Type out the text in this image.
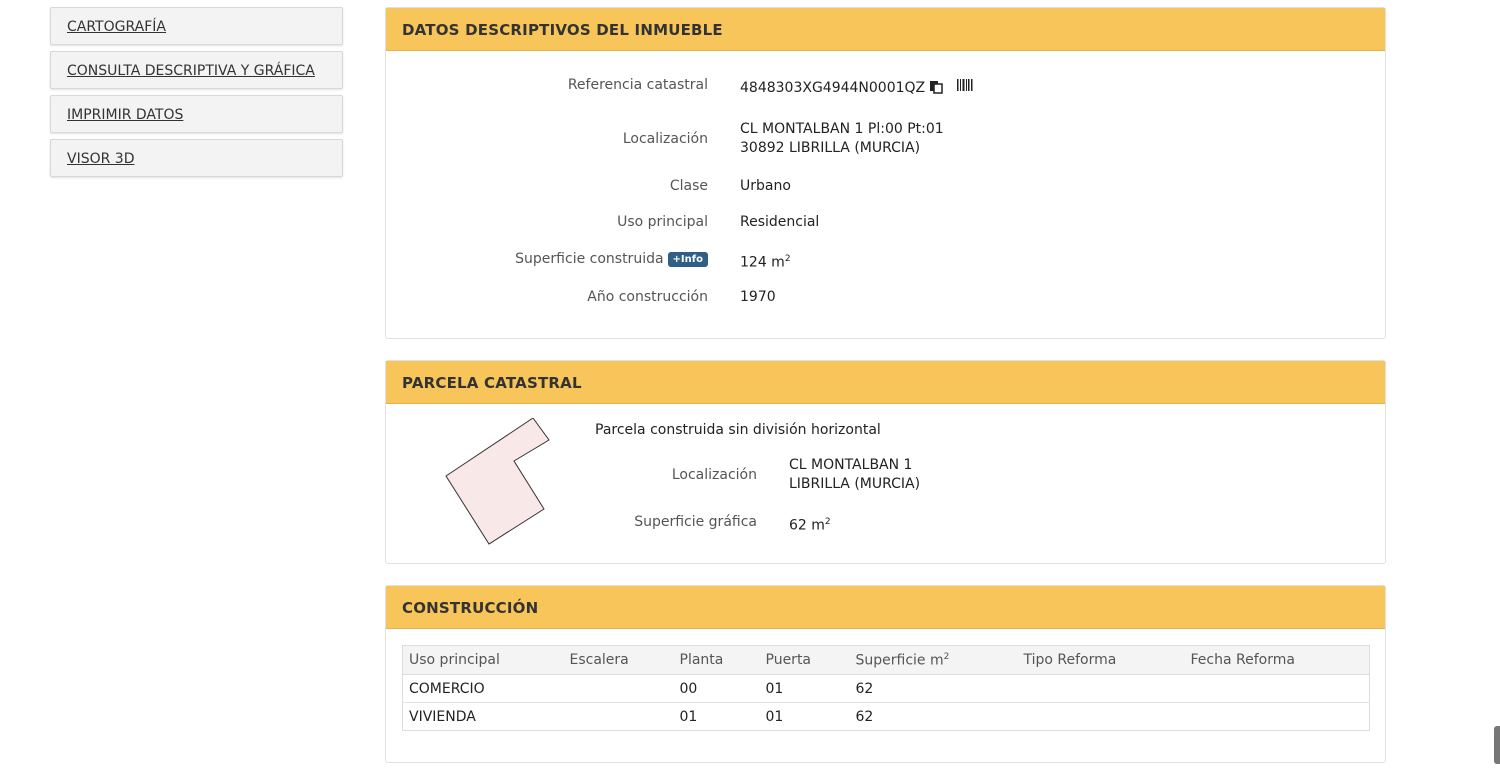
CARTOGRAFÍA
CONSULTA DESCRIPTIVA Y GRÁFICA
IMPRIMIR DATOS
VISOR 3D
DATOS DESCRIPTIVOS DEL INMUEBLE
Referencia catastral 4848303XG4944N0001QZ
Localización
CL MONTALBAN 1 Pl:00 Pt:01
30892 LIBRILLA (MURCIA)
Clase Urbano
Uso principal Residencial
Superficie construida +Info	124 $m^2$
Año construcción 1970
PARCELA CATASTRAL
Parcela construida sin división horizontal
Localización
CL MONTALBAN 1
LIBRILLA (MURCIA)
Superficie gráfica 62 $m^2$
CONSTRUCCIÓN
Uso principal	Escalera	Planta	Puerta	Superficie $m^2$	Tipo Reforma	Fecha Reforma
COMERCIO		00	01	62		
VIVIENDA		01	01	62		
